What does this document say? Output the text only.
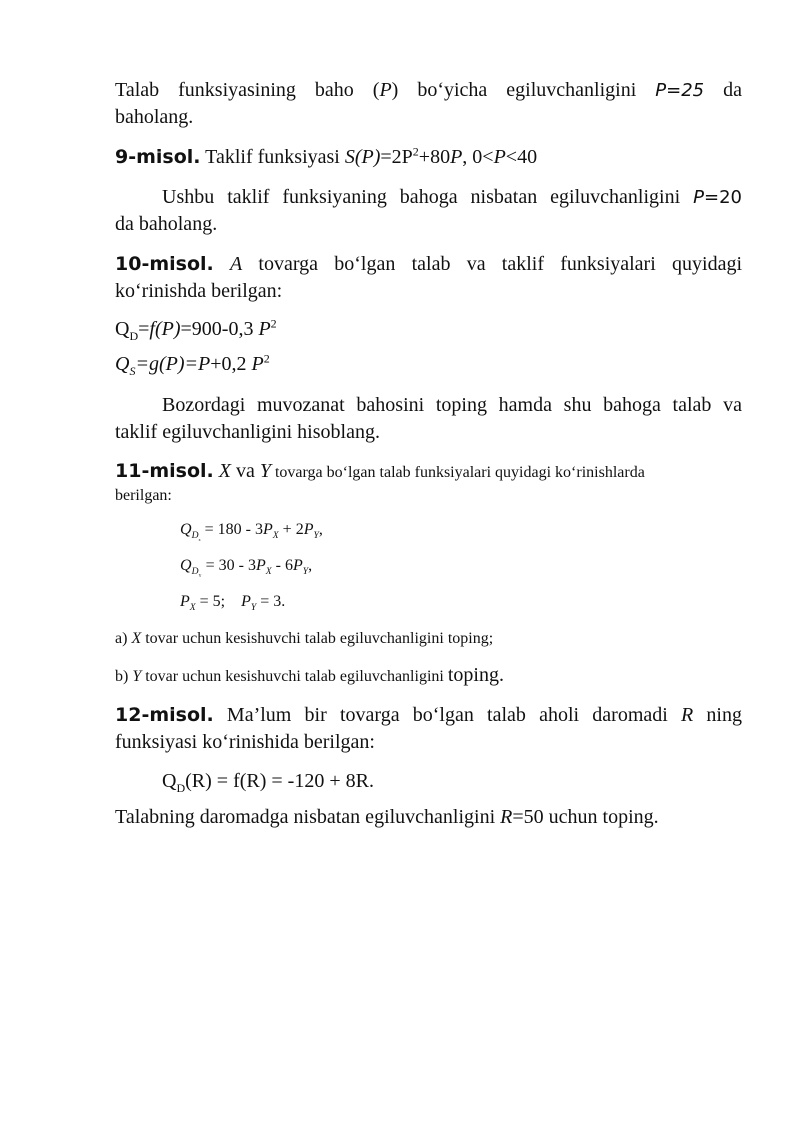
Talab funksiyasining baho (P) bo‘yicha egiluvchanligini P=25 da
baholang.
9-misol. Taklif funksiyasi $S(P)=2P^2+80P$, 0<P<40
Ushbu taklif funksiyaning bahoga nisbatan egiluvchanligini P=20
da baholang.
10-misol. A tovarga bo‘lgan talab va taklif funksiyalari quyidagi
ko‘rinishda berilgan:
$Q_D=f(P)=900-0,3$ $P^2$
$Q_S=g(P)=P+0,2$ $P^2$
Bozordagi muvozanat bahosini toping hamda shu bahoga talab va
taklif egiluvchanligini hisoblang.
11-misol. X va Y tovarga bo‘lgan talab funksiyalari quyidagi ko‘rinishlarda
berilgan:
$Q_{D_x} = 180 - 3P_X + 2P_Y$,
$Q_{D_Y} = 30 - 3P_X - 6P_Y$,
$P_X = 5$;    $P_Y = 3$.
a) X tovar uchun kesishuvchi talab egiluvchanligini toping;
b) Y tovar uchun kesishuvchi talab egiluvchanligini toping.
12-misol. Ma’lum bir tovarga bo‘lgan talab aholi daromadi R ning
funksiyasi ko‘rinishida berilgan:
$Q_D(R) = f(R) = -120 + 8R$.
Talabning daromadga nisbatan egiluvchanligini R=50 uchun toping.
